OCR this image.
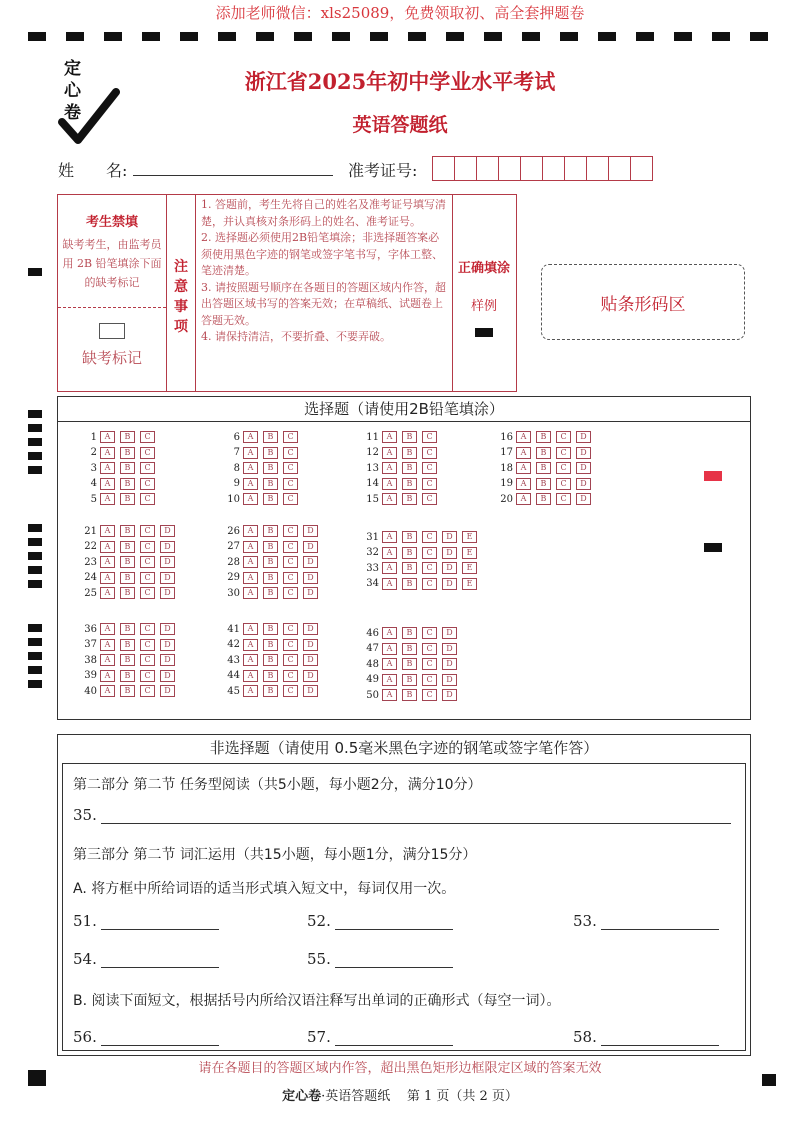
添加老师微信：xls25089，免费领取初、高全套押题卷
定
心
卷
浙江省2025年初中学业水平考试
英语答题纸
姓　　名:	准考证号:
考生禁填
缺考考生，由监考员用 2B 铅笔填涂下面的缺考标记
缺考标记
注意事项
1. 答题前，考生先将自己的姓名及准考证号填写清楚，并认真核对条形码上的姓名、准考证号。
2. 选择题必须使用2B铅笔填涂；非选择题答案必须使用黑色字迹的钢笔或签字笔书写，字体工整、笔迹清楚。
3. 请按照题号顺序在各题目的答题区域内作答，超出答题区域书写的答案无效；在草稿纸、试题卷上答题无效。
4. 请保持清洁，不要折叠、不要弄破。
正确填涂
样例	贴条形码区
选择题（请使用2B铅笔填涂）
1 A	B	C
2 A	B	C
3 A	B	C
4 A	B	C
5 A	B	C
6 A	B	C
7 A	B	C
8 A	B	C
9 A	B	C
10 A	B	C
11 A	B	C
12 A	B	C
13 A	B	C
14 A	B	C
15 A	B	C
16 A	B	C	D
17 A	B	C	D
18 A	B	C	D
19 A	B	C	D
20 A	B	C	D
21 A	B	C	D
22 A	B	C	D
23 A	B	C	D
24 A	B	C	D
25 A	B	C	D
26 A	B	C	D
27 A	B	C	D
28 A	B	C	D
29 A	B	C	D
30 A	B	C	D
31 A	B	C	D	E
32 A	B	C	D	E
33 A	B	C	D	E
34 A	B	C	D	E
36 A	B	C	D
37 A	B	C	D
38 A	B	C	D
39 A	B	C	D
40 A	B	C	D
41 A	B	C	D
42 A	B	C	D
43 A	B	C	D
44 A	B	C	D
45 A	B	C	D
46 A	B	C	D
47 A	B	C	D
48 A	B	C	D
49 A	B	C	D
50 A	B	C	D
非选择题（请使用 0.5毫米黑色字迹的钢笔或签字笔作答）
第二部分 第二节 任务型阅读（共5小题，每小题2分，满分10分）
35.
第三部分 第二节 词汇运用（共15小题，每小题1分，满分15分）
A. 将方框中所给词语的适当形式填入短文中，每词仅用一次。
51.	52.	53.
54.	55.
B. 阅读下面短文，根据括号内所给汉语注释写出单词的正确形式（每空一词）。
56.	57.	58.
请在各题目的答题区域内作答，超出黑色矩形边框限定区域的答案无效
定心卷·英语答题纸 第 1 页（共 2 页）
